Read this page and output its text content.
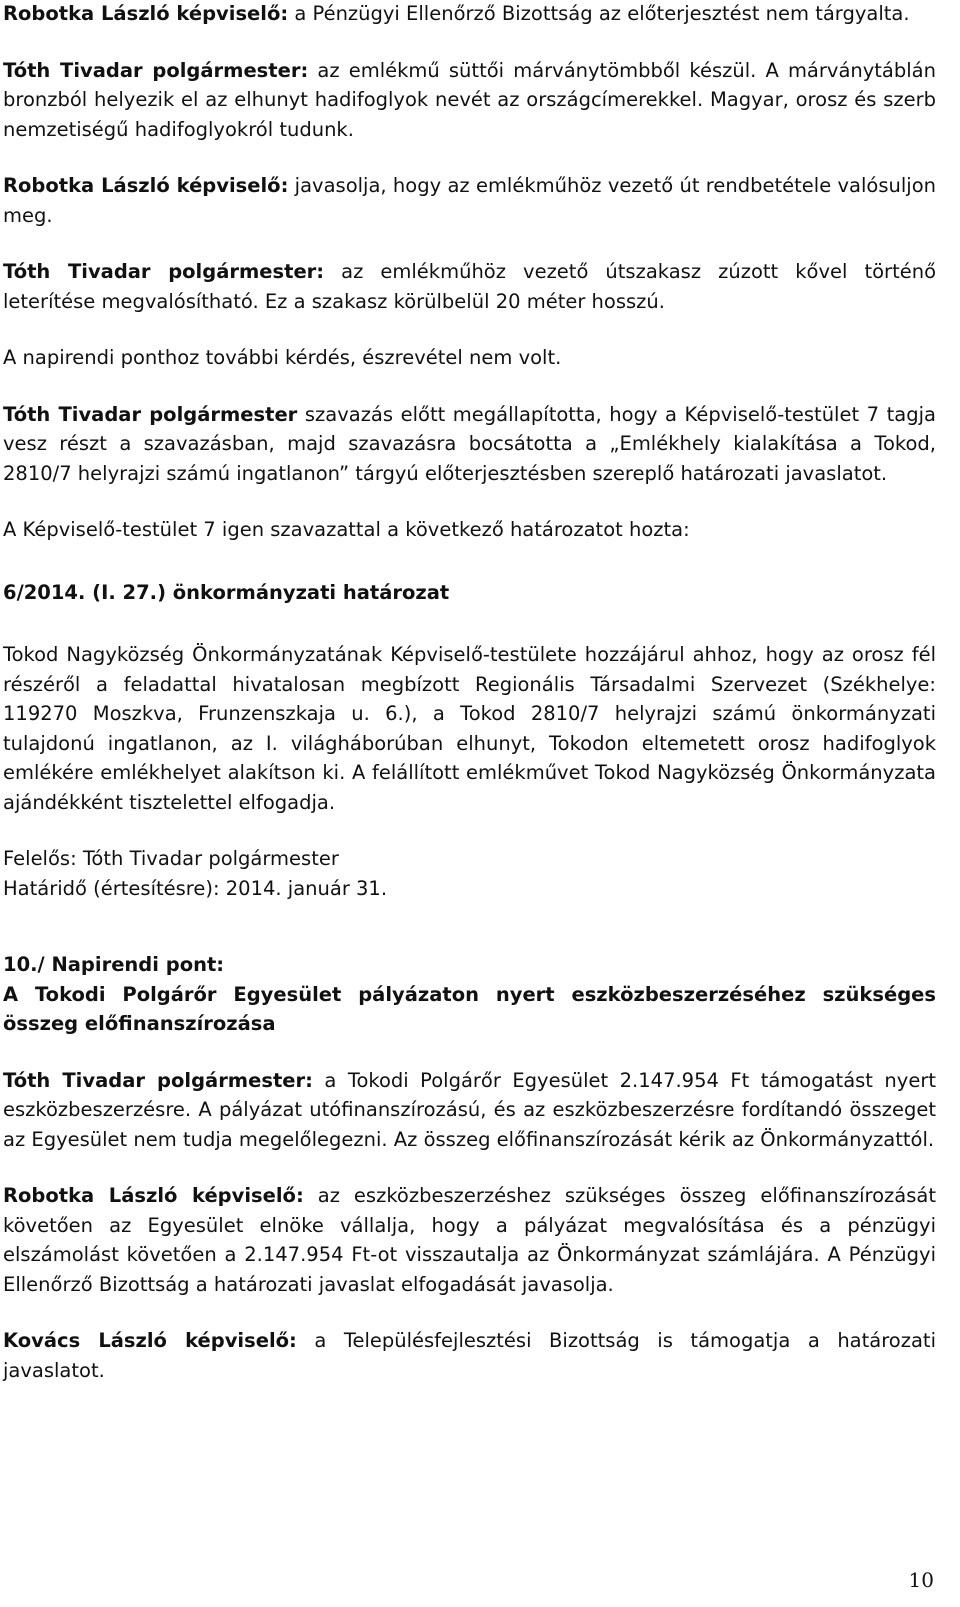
Robotka László képviselő: a Pénzügyi Ellenőrző Bizottság az előterjesztést nem tárgyalta.

Tóth Tivadar polgármester: az emlékmű süttői márványtömbből készül. A márványtáblán bronzból helyezik el az elhunyt hadifoglyok nevét az országcímerekkel. Magyar, orosz és szerb nemzetiségű hadifoglyokról tudunk.

Robotka László képviselő: javasolja, hogy az emlékműhöz vezető út rendbetétele valósuljon meg.

Tóth Tivadar polgármester: az emlékműhöz vezető útszakasz zúzott kővel történő leterítése megvalósítható. Ez a szakasz körülbelül 20 méter hosszú.

A napirendi ponthoz további kérdés, észrevétel nem volt.

Tóth Tivadar polgármester szavazás előtt megállapította, hogy a Képviselő-testület 7 tagja vesz részt a szavazásban, majd szavazásra bocsátotta a „Emlékhely kialakítása a Tokod, 2810/7 helyrajzi számú ingatlanon” tárgyú előterjesztésben szereplő határozati javaslatot.

A Képviselő-testület 7 igen szavazattal a következő határozatot hozta:

6/2014. (I. 27.) önkormányzati határozat

Tokod Nagyközség Önkormányzatának Képviselő-testülete hozzájárul ahhoz, hogy az orosz fél részéről a feladattal hivatalosan megbízott Regionális Társadalmi Szervezet (Székhelye: 119270 Moszkva, Frunzenszkaja u. 6.), a Tokod 2810/7 helyrajzi számú önkormányzati tulajdonú ingatlanon, az I. világháborúban elhunyt, Tokodon eltemetett orosz hadifoglyok emlékére emlékhelyet alakítson ki. A felállított emlékművet Tokod Nagyközség Önkormányzata ajándékként tisztelettel elfogadja.

Felelős: Tóth Tivadar polgármester

Határidő (értesítésre): 2014. január 31.

10./ Napirendi pont:

A Tokodi Polgárőr Egyesület pályázaton nyert eszközbeszerzéséhez szükséges összeg előfinanszírozása

Tóth Tivadar polgármester: a Tokodi Polgárőr Egyesület 2.147.954 Ft támogatást nyert eszközbeszerzésre. A pályázat utófinanszírozású, és az eszközbeszerzésre fordítandó összeget az Egyesület nem tudja megelőlegezni. Az összeg előfinanszírozását kérik az Önkormányzattól.

Robotka László képviselő: az eszközbeszerzéshez szükséges összeg előfinanszírozását követően az Egyesület elnöke vállalja, hogy a pályázat megvalósítása és a pénzügyi elszámolást követően a 2.147.954 Ft-ot visszautalja az Önkormányzat számlájára. A Pénzügyi Ellenőrző Bizottság a határozati javaslat elfogadását javasolja.

Kovács László képviselő: a Településfejlesztési Bizottság is támogatja a határozati javaslatot.

10
